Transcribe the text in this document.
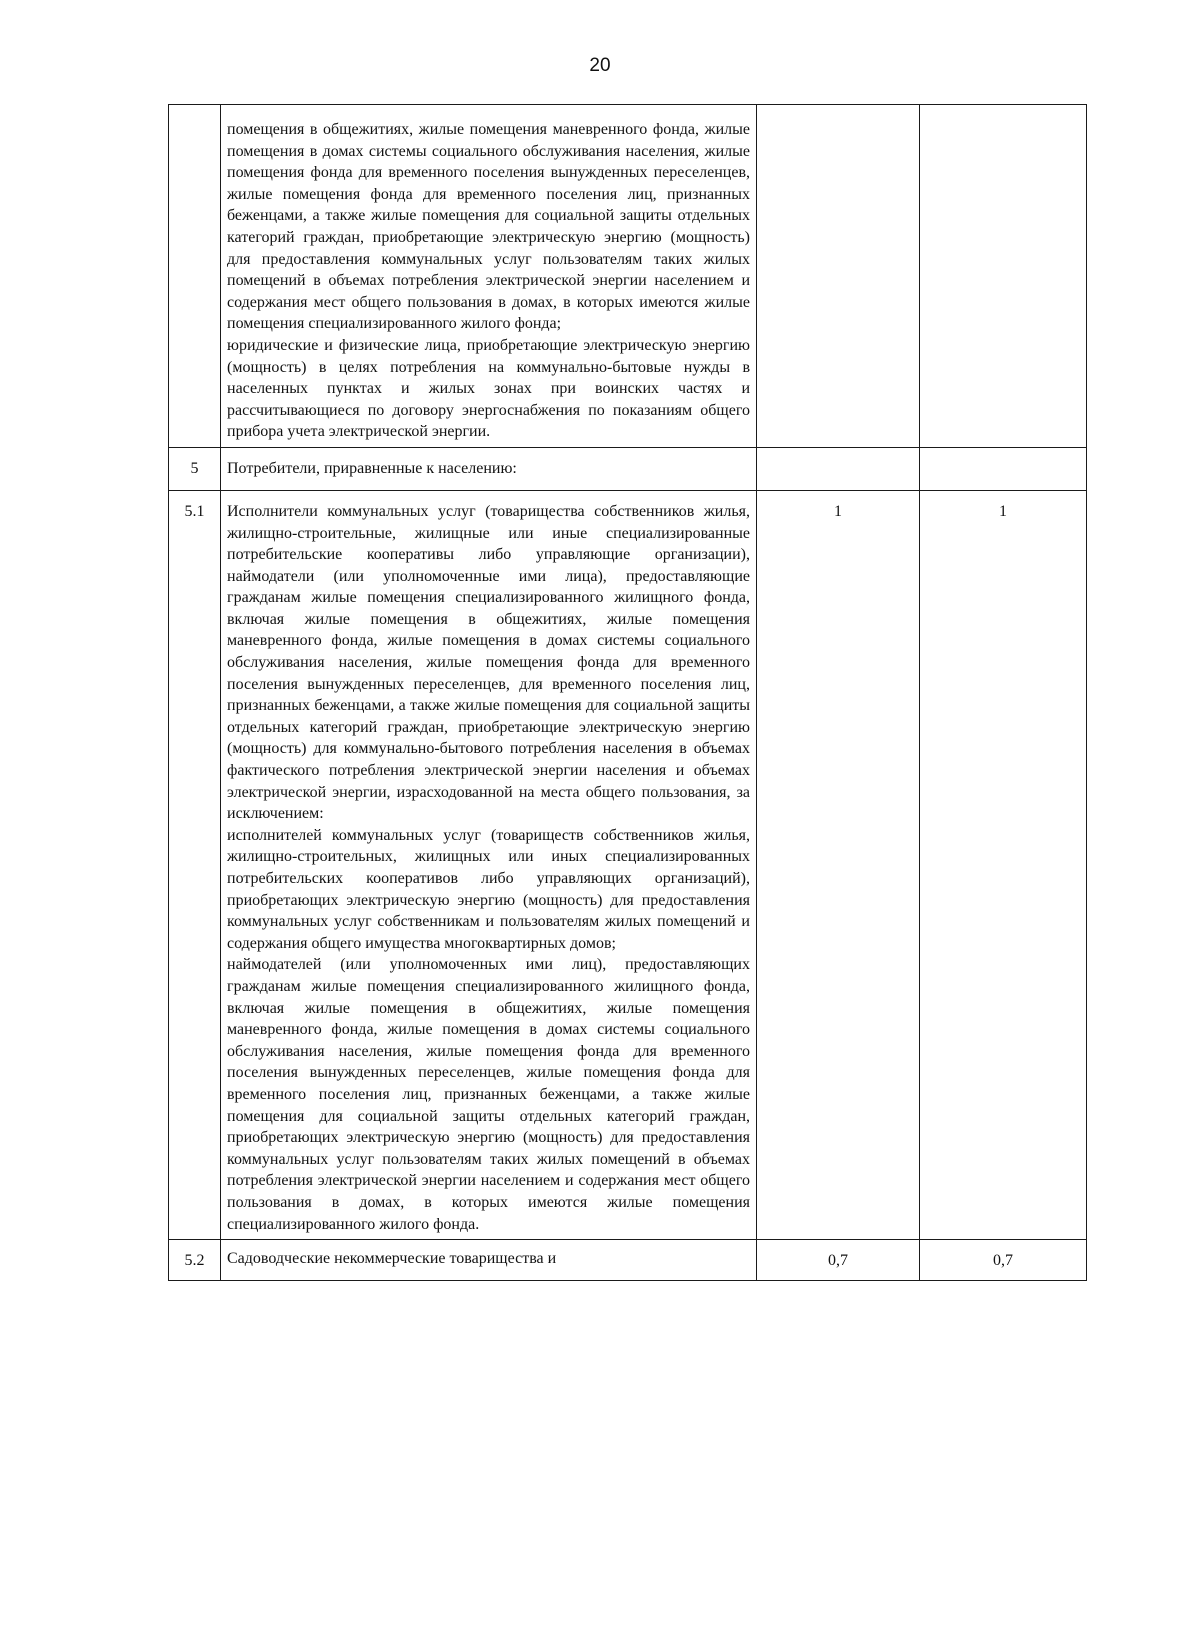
20

	помещения в общежитиях, жилые помещения маневренного фонда, жилые помещения в домах системы социального обслуживания населения, жилые помещения фонда для временного поселения вынужденных переселенцев, жилые помещения фонда для временного поселения лиц, признанных беженцами, а также жилые помещения для социальной защиты отдельных категорий граждан, приобретающие электрическую энергию (мощность) для предоставления коммунальных услуг пользователям таких жилых помещений в объемах потребления электрической энергии населением и содержания мест общего пользования в домах, в которых имеются жилые помещения специализированного жилого фонда;
юридические и физические лица, приобретающие электрическую энергию (мощность) в целях потребления на коммунально-бытовые нужды в населенных пунктах и жилых зонах при воинских частях и рассчитывающиеся по договору энергоснабжения по показаниям общего прибора учета электрической энергии.		

5	Потребители, приравненные к населению:		
5.1	Исполнители коммунальных услуг (товарищества собственников жилья, жилищно-строительные, жилищные или иные специализированные потребительские кооперативы либо управляющие организации), наймодатели (или уполномоченные ими лица), предоставляющие гражданам жилые помещения специализированного жилищного фонда, включая жилые помещения в общежитиях, жилые помещения маневренного фонда, жилые помещения в домах системы социального обслуживания населения, жилые помещения фонда для временного поселения вынужденных переселенцев, для временного поселения лиц, признанных беженцами, а также жилые помещения для социальной защиты отдельных категорий граждан, приобретающие электрическую энергию (мощность) для коммунально-бытового потребления населения в объемах фактического потребления электрической энергии населения и объемах электрической энергии, израсходованной на места общего пользования, за исключением:
исполнителей коммунальных услуг (товариществ собственников жилья, жилищно-строительных, жилищных или иных специализированных потребительских кооперативов либо управляющих организаций), приобретающих электрическую энергию (мощность) для предоставления коммунальных услуг собственникам и пользователям жилых помещений и содержания общего имущества многоквартирных домов;
наймодателей (или уполномоченных ими лиц), предоставляющих гражданам жилые помещения специализированного жилищного фонда, включая жилые помещения в общежитиях, жилые помещения маневренного фонда, жилые помещения в домах системы социального обслуживания населения, жилые помещения фонда для временного поселения вынужденных переселенцев, жилые помещения фонда для временного поселения лиц, признанных беженцами, а также жилые помещения для социальной защиты отдельных категорий граждан, приобретающих электрическую энергию (мощность) для предоставления коммунальных услуг пользователям таких жилых помещений в объемах потребления электрической энергии населением и содержания мест общего пользования в домах, в которых имеются жилые помещения специализированного жилого фонда.	1	1
5.2	Садоводческие некоммерческие товарищества и	0,7	0,7
